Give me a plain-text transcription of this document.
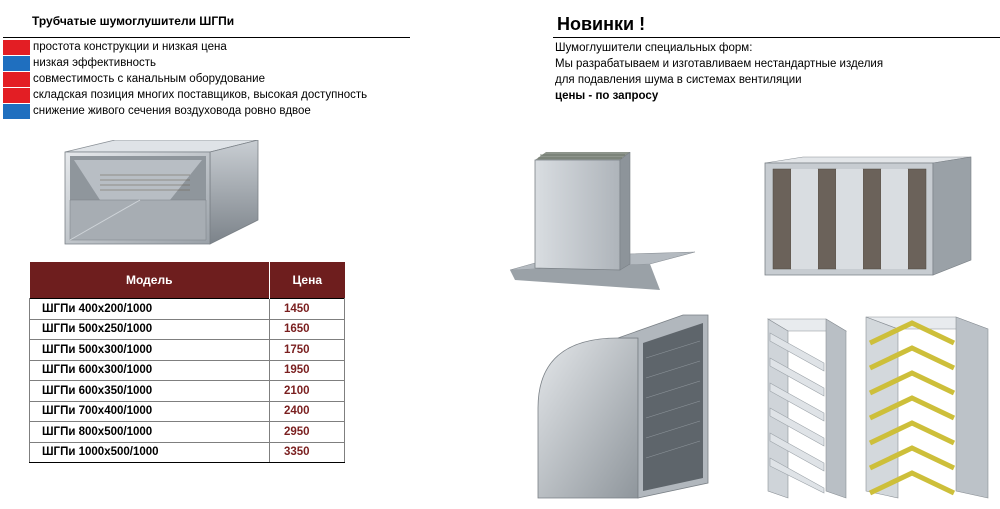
Трубчатые шумоглушители ШГПи
простота конструкции и низкая цена
низкая эффективность
совместимость с канальным оборудование
складская позиция многих поставщиков, высокая доступность
снижение живого сечения воздуховода ровно вдвое
Модель	Цена
ШГПи 400х200/1000	1450
ШГПи 500х250/1000	1650
ШГПи 500х300/1000	1750
ШГПи 600х300/1000	1950
ШГПи 600х350/1000	2100
ШГПи 700х400/1000	2400
ШГПи 800х500/1000	2950
ШГПи 1000х500/1000	3350
Новинки !
Шумоглушители специальных форм:
Мы разрабатываем и изготавливаем нестандартные изделия
для подавления шума в системах вентиляции
цены - по запросу
